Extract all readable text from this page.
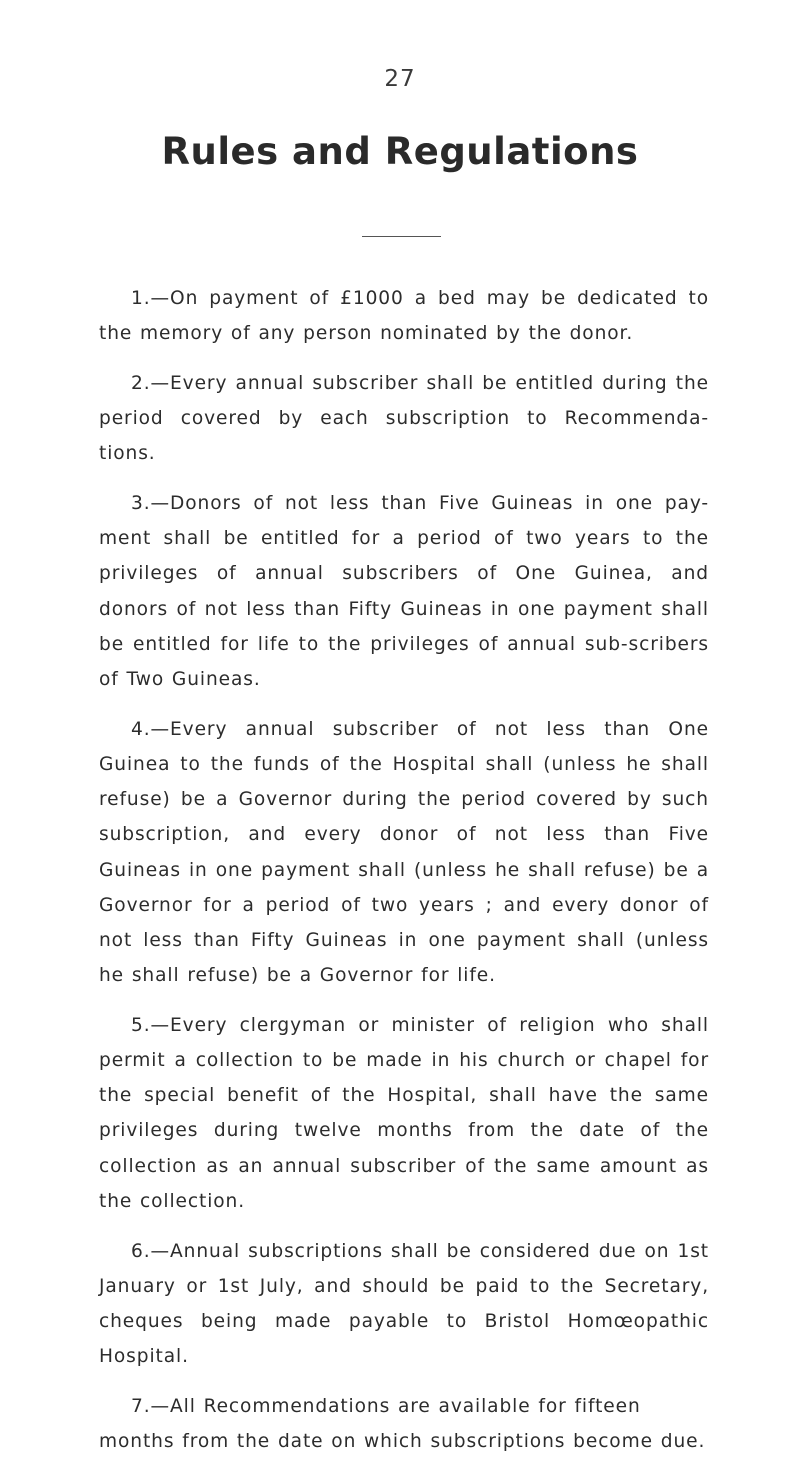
27
Rules and Regulations

1.—On payment of £1000 a bed may be dedicated to the memory of any person nominated by the donor.

2.—Every annual subscriber shall be entitled during the period covered by each subscription to Recommenda-tions.

3.—Donors of not less than Five Guineas in one pay-ment shall be entitled for a period of two years to the privileges of annual subscribers of One Guinea, and donors of not less than Fifty Guineas in one payment shall be entitled for life to the privileges of annual sub-scribers of Two Guineas.

4.—Every annual subscriber of not less than One Guinea to the funds of the Hospital shall (unless he shall refuse) be a Governor during the period covered by such subscription, and every donor of not less than Five Guineas in one payment shall (unless he shall refuse) be a Governor for a period of two years ; and every donor of not less than Fifty Guineas in one payment shall (unless he shall refuse) be a Governor for life.

5.—Every clergyman or minister of religion who shall permit a collection to be made in his church or chapel for the special benefit of the Hospital, shall have the same privileges during twelve months from the date of the collection as an annual subscriber of the same amount as the collection.

6.—Annual subscriptions shall be considered due on 1st January or 1st July, and should be paid to the Secretary, cheques being made payable to Bristol Homœopathic Hospital.

7.—All Recommendations are available for fifteen months from the date on which subscriptions become due.
